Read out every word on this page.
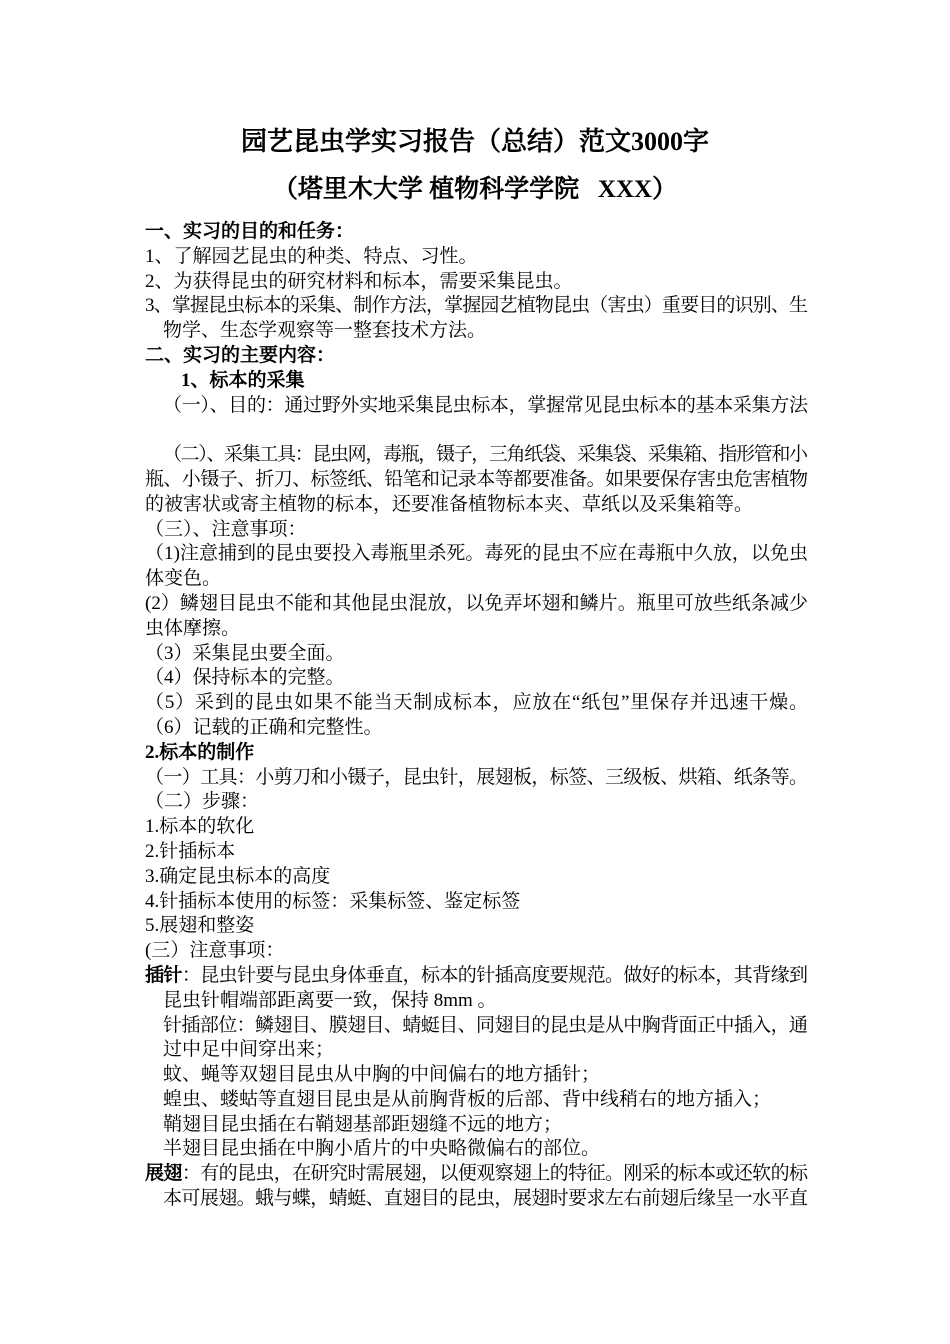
园艺昆虫学实习报告（总结）范文3000字
（塔里木大学 植物科学学院   XXX）
一、实习的目的和任务：
1、了解园艺昆虫的种类、特点、习性。
2、为获得昆虫的研究材料和标本，需要采集昆虫。
3、掌握昆虫标本的采集、制作方法，掌握园艺植物昆虫（害虫）重要目的识别、生
物学、生态学观察等一整套技术方法。
二、实习的主要内容：
1、标本的采集
（一）、目的：通过野外实地采集昆虫标本，掌握常见昆虫标本的基本采集方法
（二）、采集工具：昆虫网，毒瓶，镊子，三角纸袋、采集袋、采集箱、指形管和小
瓶、小镊子、折刀、标签纸、铅笔和记录本等都要准备。如果要保存害虫危害植物
的被害状或寄主植物的标本，还要准备植物标本夹、草纸以及采集箱等。
（三）、注意事项：
（1)注意捕到的昆虫要投入毒瓶里杀死。毒死的昆虫不应在毒瓶中久放，以免虫
体变色。
(2）鳞翅目昆虫不能和其他昆虫混放，以免弄坏翅和鳞片。瓶里可放些纸条减少
虫体摩擦。
（3）采集昆虫要全面。
（4）保持标本的完整。
（5）采到的昆虫如果不能当天制成标本，应放在“纸包”里保存并迅速干燥。
（6）记载的正确和完整性。
2.标本的制作
（一）工具：小剪刀和小镊子，昆虫针，展翅板，标签、三级板、烘箱、纸条等。
（二）步骤：
1.标本的软化
2.针插标本
3.确定昆虫标本的高度
4.针插标本使用的标签：采集标签、鉴定标签
5.展翅和整姿
(三）注意事项：
插针：昆虫针要与昆虫身体垂直，标本的针插高度要规范。做好的标本，其背缘到
昆虫针帽端部距离要一致，保持 8mm 。
针插部位：鳞翅目、膜翅目、蜻蜓目、同翅目的昆虫是从中胸背面正中插入，通
过中足中间穿出来；
蚊、蝇等双翅目昆虫从中胸的中间偏右的地方插针；
蝗虫、蝼蛄等直翅目昆虫是从前胸背板的后部、背中线稍右的地方插入；
鞘翅目昆虫插在右鞘翅基部距翅缝不远的地方；
半翅目昆虫插在中胸小盾片的中央略微偏右的部位。
展翅：有的昆虫，在研究时需展翅，以便观察翅上的特征。刚采的标本或还软的标
本可展翅。蛾与蝶，蜻蜓、直翅目的昆虫，展翅时要求左右前翅后缘呈一水平直
